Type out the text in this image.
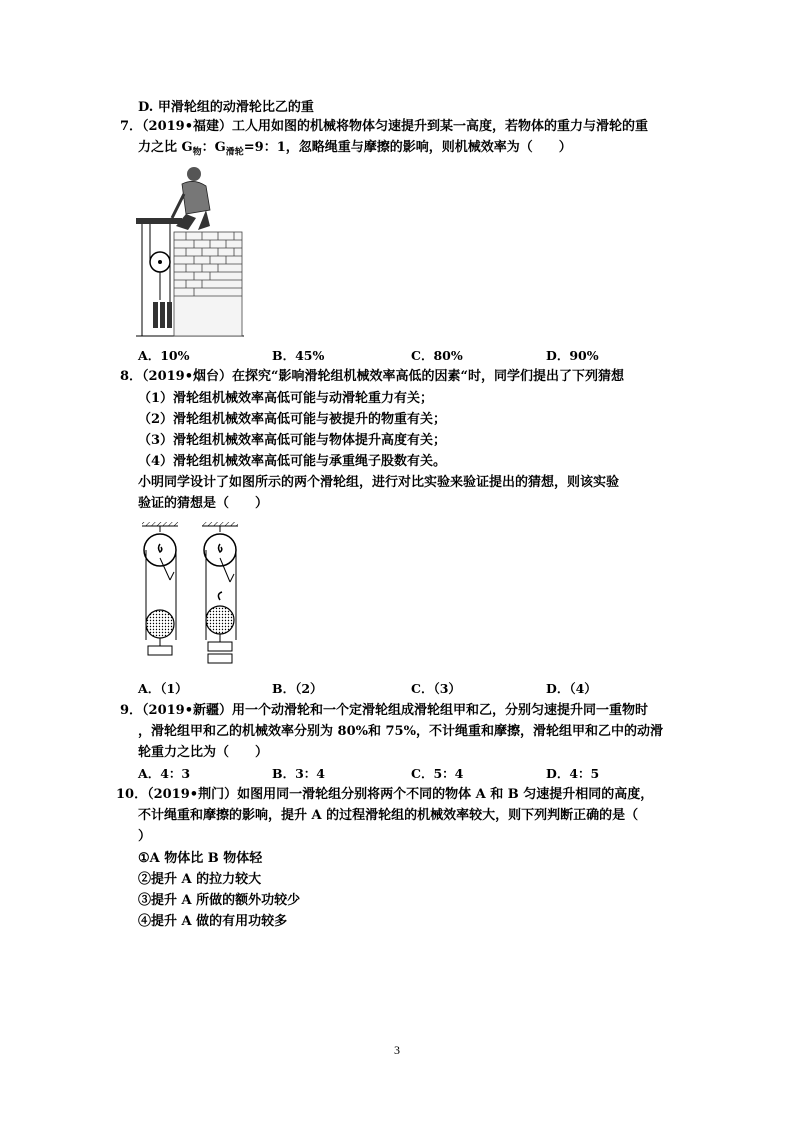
D. 甲滑轮组的动滑轮比乙的重
7．（2019•福建）工人用如图的机械将物体匀速提升到某一高度，若物体的重力与滑轮的重
力之比 $G_物$：$G_{滑轮}=9$：1，忽略绳重与摩擦的影响，则机械效率为（　　）
A．10%	B．45%	C．80%	D．90%
8．（2019•烟台）在探究“影响滑轮组机械效率高低的因素“时，同学们提出了下列猜想
（1）滑轮组机械效率高低可能与动滑轮重力有关；
（2）滑轮组机械效率高低可能与被提升的物重有关；
（3）滑轮组机械效率高低可能与物体提升高度有关；
（4）滑轮组机械效率高低可能与承重绳子股数有关。
小明同学设计了如图所示的两个滑轮组，进行对比实验来验证提出的猜想，则该实验
验证的猜想是（　　）
A．（1）	B．（2）	C．（3）	D．（4）
9．（2019•新疆）用一个动滑轮和一个定滑轮组成滑轮组甲和乙，分别匀速提升同一重物时
，滑轮组甲和乙的机械效率分别为 80%和 75%，不计绳重和摩擦，滑轮组甲和乙中的动滑
轮重力之比为（　　）
A．4：3	B．3：4	C．5：4	D．4：5
10．（2019•荆门）如图用同一滑轮组分别将两个不同的物体 A 和 B 匀速提升相同的高度，
不计绳重和摩擦的影响，提升 A 的过程滑轮组的机械效率较大，则下列判断正确的是（
）
①A 物体比 B 物体轻
②提升 A 的拉力较大
③提升 A 所做的额外功较少
④提升 A 做的有用功较多
3
